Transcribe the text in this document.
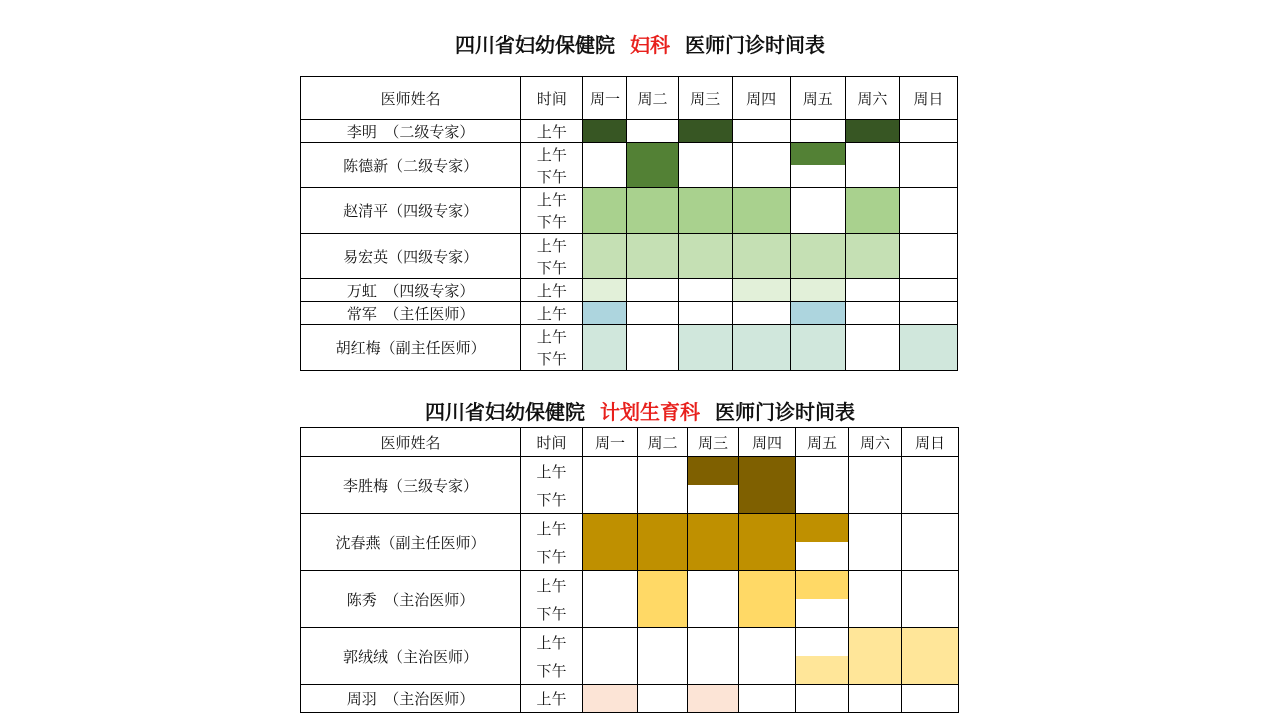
四川省妇幼保健院 妇科 医师门诊时间表
医师姓名	时间	周一	周二	周三	周四	周五	周六	周日
李明　（二级专家）	上午							

陈德新（二级专家）	上午
下午							

赵清平（四级专家）	上午
下午							

易宏英（四级专家）	上午
下午							

万虹　（四级专家）	上午							

常军　（主任医师）	上午							

胡红梅（副主任医师）	上午
下午							

四川省妇幼保健院 计划生育科 医师门诊时间表
医师姓名	时间	周一	周二	周三	周四	周五	周六	周日
李胜梅（三级专家）	上午
下午							

沈春燕（副主任医师）	上午
下午							

陈秀　（主治医师）	上午
下午							

郭绒绒（主治医师）	上午
下午							

周羽　（主治医师）	上午							
